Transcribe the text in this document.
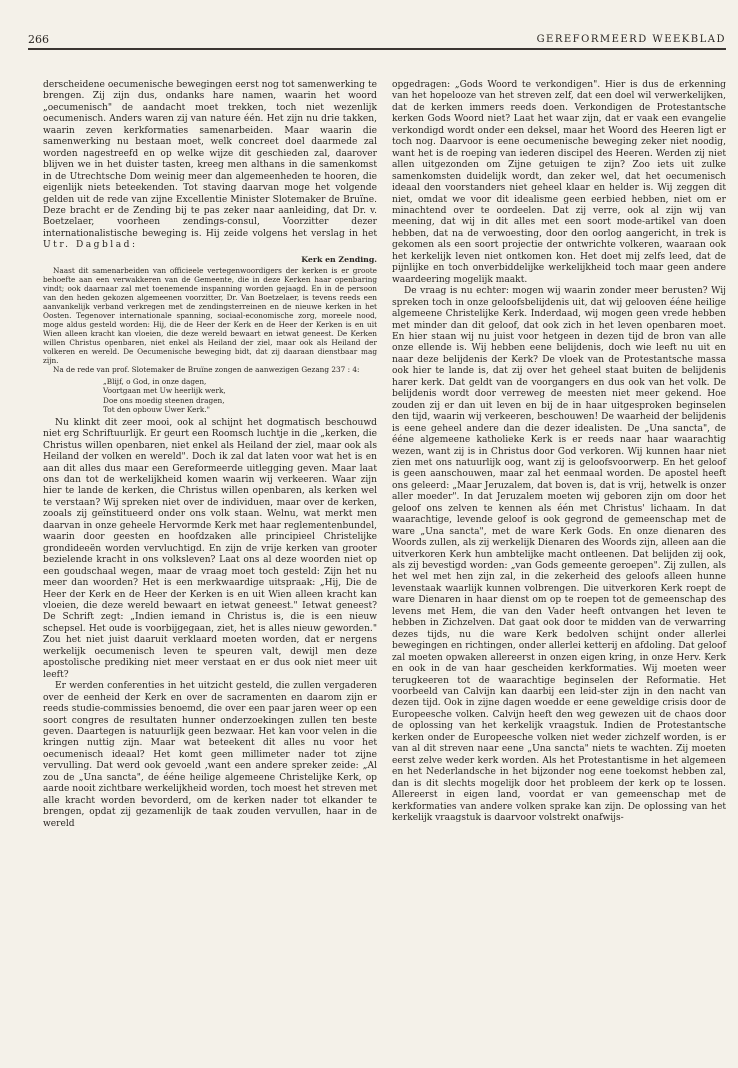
266	GEREFORMEERD WEEKBLAD

derscheidene oecumenische bewegingen eerst nog tot samenwerking te brengen. Zij zijn dus, ondanks hare namen, waarin het woord „oecumenisch" de aandacht moet trekken, toch niet wezenlijk oecumenisch. Anders waren zij van nature één. Het zijn nu drie takken, waarin zeven kerkformaties samenarbeiden. Maar waarin die samenwerking nu bestaan moet, welk concreet doel daarmede zal worden nagestreefd en op welke wijze dit geschieden zal, daarover blijven we in het duister tasten, kreeg men althans in die samenkomst in de Utrechtsche Dom weinig meer dan algemeenheden te hooren, die eigenlijk niets beteekenden. Tot staving daarvan moge het volgende gelden uit de rede van zijne Excellentie Minister Slotemaker de Bruïne. Deze bracht er de Zending bij te pas zeker naar aanleiding, dat Dr. v. Boetzelaer, voorheen zendings-consul, Voorzitter dezer internationalistische beweging is. Hij zeide volgens het verslag in het Utr. Dagblad:

Kerk en Zending.

Naast dit samenarbeiden van officieele vertegenwoordigers der kerken is er groote behoefte aan een verwakkeren van de Gemeente, die in deze Kerken haar openbaring vindt; ook daarnaar zal met toenemende inspanning worden gejaagd. En in de persoon van den heden gekozen algemeenen voorzitter, Dr. Van Boetzelaer, is tevens reeds een aanvankelijk verband verkregen met de zendingsterreinen en de nieuwe kerken in het Oosten. Tegenover internationale spanning, sociaal-economische zorg, moreele nood, moge aldus gesteld worden: Hij, die de Heer der Kerk en de Heer der Kerken is en uit Wien alleen kracht kan vloeien, die deze wereld bewaart en ietwat geneest. De Kerken willen Christus openbaren, niet enkel als Heiland der ziel, maar ook als Heiland der volkeren en wereld. De Oecumenische beweging bidt, dat zij daaraan dienstbaar mag zijn.

Na de rede van prof. Slotemaker de Bruïne zongen de aanwezigen Gezang 237 : 4:

„Blijf, o God, in onze dagen,
Voortgaan met Uw heerlijk werk,
Doe ons moedig steenen dragen,
Tot den opbouw Uwer Kerk."

Nu klinkt dit zeer mooi, ook al schijnt het dogmatisch beschouwd niet erg Schriftuurlijk. Er geurt een Roomsch luchtje in die „kerken, die Christus willen openbaren, niet enkel als Heiland der ziel, maar ook als Heiland der volken en wereld". Doch ik zal dat laten voor wat het is en aan dit alles dus maar een Gereformeerde uitlegging geven. Maar laat ons dan tot de werkelijkheid komen waarin wij verkeeren. Waar zijn hier te lande de kerken, die Christus willen openbaren, als kerken wel te verstaan? Wij spreken niet over de individuen, maar over de kerken, zooals zij geïnstitueerd onder ons volk staan. Welnu, wat merkt men daarvan in onze geheele Hervormde Kerk met haar reglementenbundel, waarin door geesten en hoofdzaken alle principieel Christelijke grondideeën worden vervluchtigd. En zijn de vrije kerken van grooter bezielende kracht in ons volksleven? Laat ons al deze woorden niet op een goudschaal wegen, maar de vraag moet toch gesteld: Zijn het nu meer dan woorden? Het is een merkwaardige uitspraak: „Hij, Die de Heer der Kerk en de Heer der Kerken is en uit Wien alleen kracht kan vloeien, die deze wereld bewaart en ietwat geneest." Ietwat geneest? De Schrift zegt: „Indien iemand in Christus is, die is een nieuw schepsel. Het oude is voorbijgegaan, ziet, het is alles nieuw geworden." Zou het niet juist daaruit verklaard moeten worden, dat er nergens werkelijk oecumenisch leven te speuren valt, dewijl men deze apostolische prediking niet meer verstaat en er dus ook niet meer uit leeft?

Er werden conferenties in het uitzicht gesteld, die zullen vergaderen over de eenheid der Kerk en over de sacramenten en daarom zijn er reeds studie-commissies benoemd, die over een paar jaren weer op een soort congres de resultaten hunner onderzoekingen zullen ten beste geven. Daartegen is natuurlijk geen bezwaar. Het kan voor velen in die kringen nuttig zijn. Maar wat beteekent dit alles nu voor het oecumenisch ideaal? Het komt geen millimeter nader tot zijne vervulling. Dat werd ook gevoeld ,want een andere spreker zeide: „Al zou de „Una sancta", de ééne heilige algemeene Christelijke Kerk, op aarde nooit zichtbare werkelijkheid worden, toch moest het streven met alle kracht worden bevorderd, om de kerken nader tot elkander te brengen, opdat zij gezamenlijk de taak zouden vervullen, haar in de wereld

opgedragen: „Gods Woord te verkondigen". Hier is dus de erkenning van het hopelooze van het streven zelf, dat een doel wil verwerkelijken, dat de kerken immers reeds doen. Verkondigen de Protestantsche kerken Gods Woord niet? Laat het waar zijn, dat er vaak een evangelie verkondigd wordt onder een deksel, maar het Woord des Heeren ligt er toch nog. Daarvoor is eene oecumenische beweging zeker niet noodig, want het is de roeping van iederen discipel des Heeren. Werden zij niet allen uitgezonden om Zijne getuigen te zijn? Zoo iets uit zulke samenkomsten duidelijk wordt, dan zeker wel, dat het oecumenisch ideaal den voorstanders niet geheel klaar en helder is. Wij zeggen dit niet, omdat we voor dit idealisme geen eerbied hebben, niet om er minachtend over te oordeelen. Dat zij verre, ook al zijn wij van meening, dat wij in dit alles met een soort mode-artikel van doen hebben, dat na de verwoesting, door den oorlog aangericht, in trek is gekomen als een soort projectie der ontwrichte volkeren, waaraan ook het kerkelijk leven niet ontkomen kon. Het doet mij zelfs leed, dat de pijnlijke en toch onverbiddelijke werkelijkheid toch maar geen andere waardeering mogelijk maakt.

De vraag is nu echter: mogen wij waarin zonder meer berusten? Wij spreken toch in onze geloofsbelijdenis uit, dat wij gelooven ééne heilige algemeene Christelijke Kerk. Inderdaad, wij mogen geen vrede hebben met minder dan dit geloof, dat ook zich in het leven openbaren moet. En hier staan wij nu juist voor hetgeen in dezen tijd de bron van alle onze ellende is. Wij hebben eene belijdenis, doch wie leeft nu uit en naar deze belijdenis der Kerk? De vloek van de Protestantsche massa ook hier te lande is, dat zij over het geheel staat buiten de belijdenis harer kerk. Dat geldt van de voorgangers en dus ook van het volk. De belijdenis wordt door verreweg de meesten niet meer gekend. Hoe zouden zij er dan uit leven en bij de in haar uitgesproken beginselen den tijd, waarin wij verkeeren, beschouwen! De waarheid der belijdenis is eene geheel andere dan die dezer idealisten. De „Una sancta", de ééne algemeene katholieke Kerk is er reeds naar haar waarachtig wezen, want zij is in Christus door God verkoren. Wij kunnen haar niet zien met ons natuurlijk oog, want zij is geloofsvoorwerp. En het geloof is geen aanschouwen, maar zal het eenmaal worden. De apostel heeft ons geleerd: „Maar Jeruzalem, dat boven is, dat is vrij, hetwelk is onzer aller moeder". In dat Jeruzalem moeten wij geboren zijn om door het geloof ons zelven te kennen als één met Christus' lichaam. In dat waarachtige, levende geloof is ook gegrond de gemeenschap met de ware „Una sancta", met de ware Kerk Gods. En onze dienaren des Woords zullen, als zij werkelijk Dienaren des Woords zijn, alleen aan die uitverkoren Kerk hun ambtelijke macht ontleenen. Dat belijden zij ook, als zij bevestigd worden: „van Gods gemeente geroepen". Zij zullen, als het wel met hen zijn zal, in die zekerheid des geloofs alleen hunne levenstaak waarlijk kunnen volbrengen. Die uitverkoren Kerk roept de ware Dienaren in haar dienst om op te roepen tot de gemeenschap des levens met Hem, die van den Vader heeft ontvangen het leven te hebben in Zichzelven. Dat gaat ook door te midden van de verwarring dezes tijds, nu die ware Kerk bedolven schijnt onder allerlei bewegingen en richtingen, onder allerlei ketterij en afdoling. Dat geloof zal moeten opwaken allereerst in onzen eigen kring, in onze Herv. Kerk en ook in de van haar gescheiden kerkformaties. Wij moeten weer terugkeeren tot de waarachtige beginselen der Reformatie. Het voorbeeld van Calvijn kan daarbij een leid-ster zijn in den nacht van dezen tijd. Ook in zijne dagen woedde er eene geweldige crisis door de Europeesche volken. Calvijn heeft den weg gewezen uit de chaos door de oplossing van het kerkelijk vraagstuk. Indien de Protestantsche kerken onder de Europeesche volken niet weder zichzelf worden, is er van al dit streven naar eene „Una sancta" niets te wachten. Zij moeten eerst zelve weder kerk worden. Als het Protestantisme in het algemeen en het Nederlandsche in het bijzonder nog eene toekomst hebben zal, dan is dit slechts mogelijk door het probleem der kerk op te lossen. Allereerst in eigen land, voordat er van gemeenschap met de kerkformaties van andere volken sprake kan zijn. De oplossing van het kerkelijk vraagstuk is daarvoor volstrekt onafwijs-
